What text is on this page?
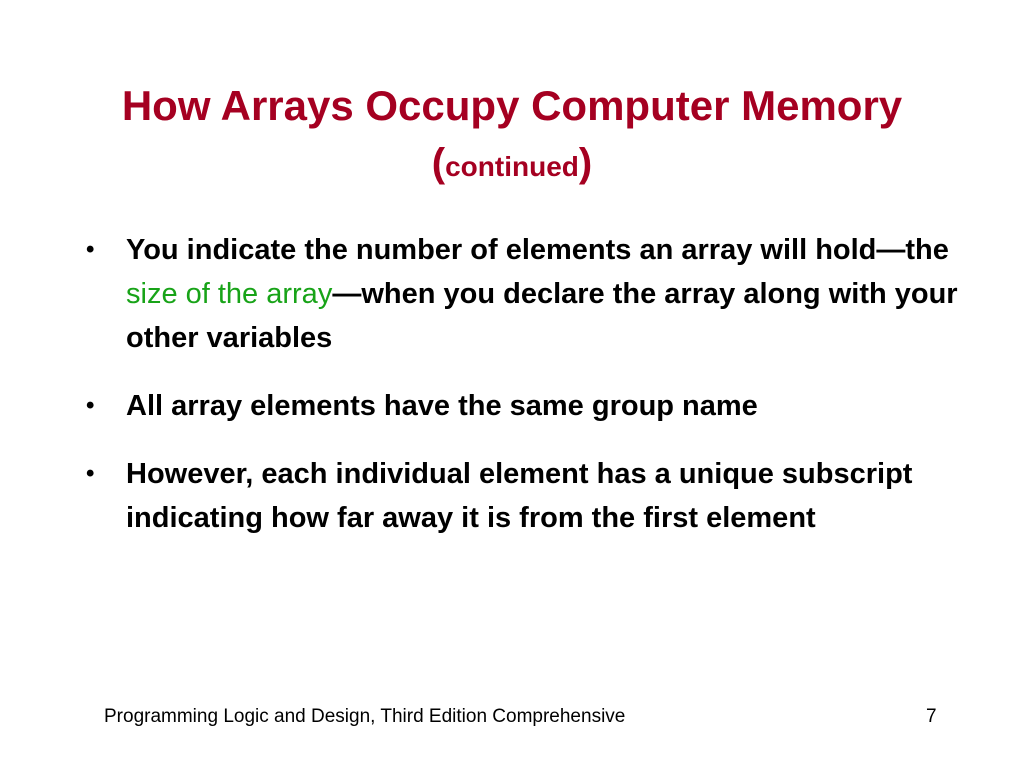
How Arrays Occupy Computer Memory
(continued)
• You indicate the number of elements an array will hold—the size of the array—when you declare the array along with your other variables
• All array elements have the same group name
• However, each individual element has a unique subscript indicating how far away it is from the first element
Programming Logic and Design, Third Edition Comprehensive	7
